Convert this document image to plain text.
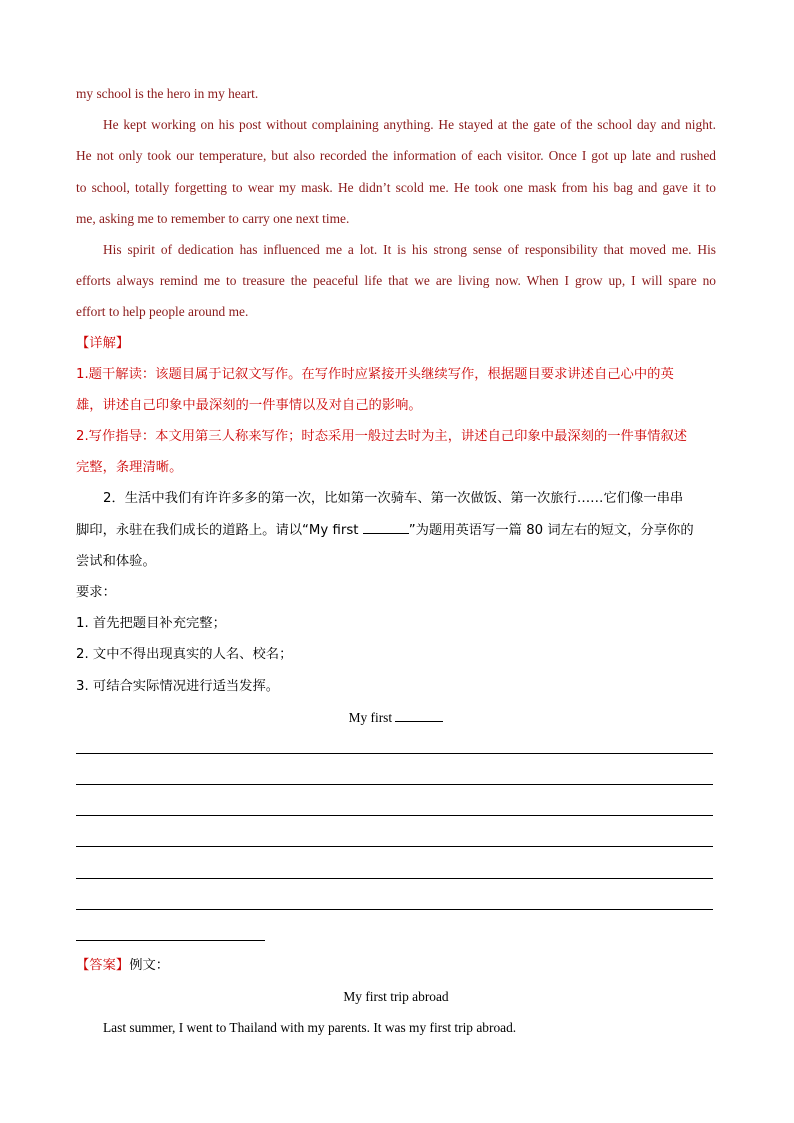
my school is the hero in my heart.
He kept working on his post without complaining anything. He stayed at the gate of the school day and night.
He not only took our temperature, but also recorded the information of each visitor. Once I got up late and rushed
to school, totally forgetting to wear my mask. He didn’t scold me. He took one mask from his bag and gave it to
me, asking me to remember to carry one next time.
His spirit of dedication has influenced me a lot. It is his strong sense of responsibility that moved me. His
efforts always remind me to treasure the peaceful life that we are living now. When I grow up, I will spare no
effort to help people around me.
【详解】
1.题干解读：该题目属于记叙文写作。在写作时应紧接开头继续写作，根据题目要求讲述自己心中的英
雄，讲述自己印象中最深刻的一件事情以及对自己的影响。
2.写作指导：本文用第三人称来写作；时态采用一般过去时为主，讲述自己印象中最深刻的一件事情叙述
完整，条理清晰。
2．生活中我们有许许多多的第一次，比如第一次骑车、第一次做饭、第一次旅行……它们像一串串
脚印，永驻在我们成长的道路上。请以“My first	”为题用英语写一篇 80 词左右的短文，分享你的
尝试和体验。
要求：
1. 首先把题目补充完整；
2. 文中不得出现真实的人名、校名；
3. 可结合实际情况进行适当发挥。
My first
【答案】例文：
My first trip abroad
Last summer, I went to Thailand with my parents. It was my first trip abroad.
